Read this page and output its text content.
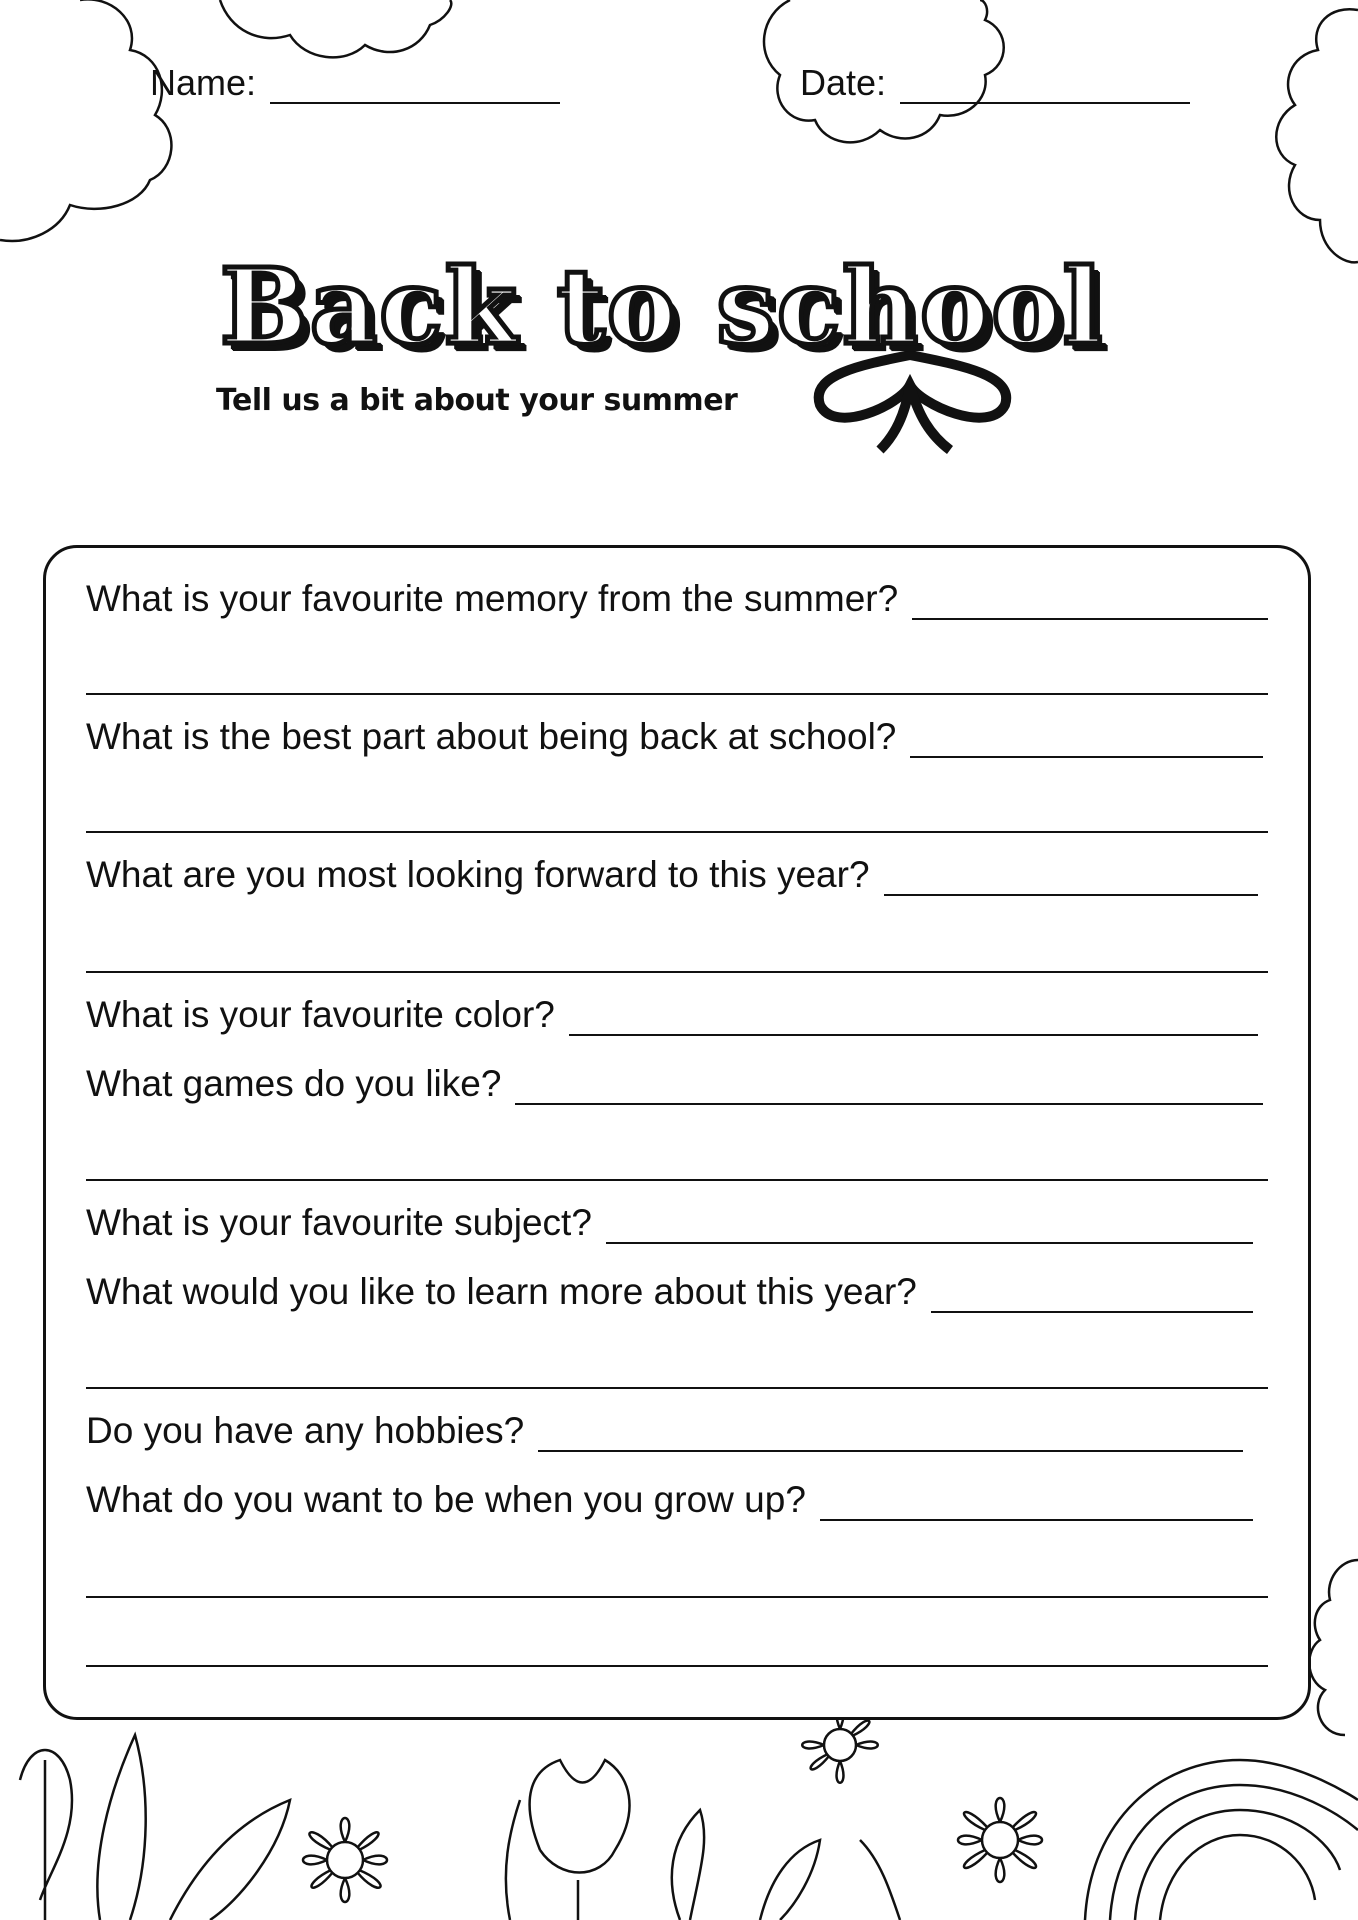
Name:	Date:
Back to school
Tell us a bit about your summer
What is your favourite memory from the summer?
What is the best part about being back at school?
What are you most looking forward to this year?
What is your favourite color?
What games do you like?
What is your favourite subject?
What would you like to learn more about this year?
Do you have any hobbies?
What do you want to be when you grow up?
